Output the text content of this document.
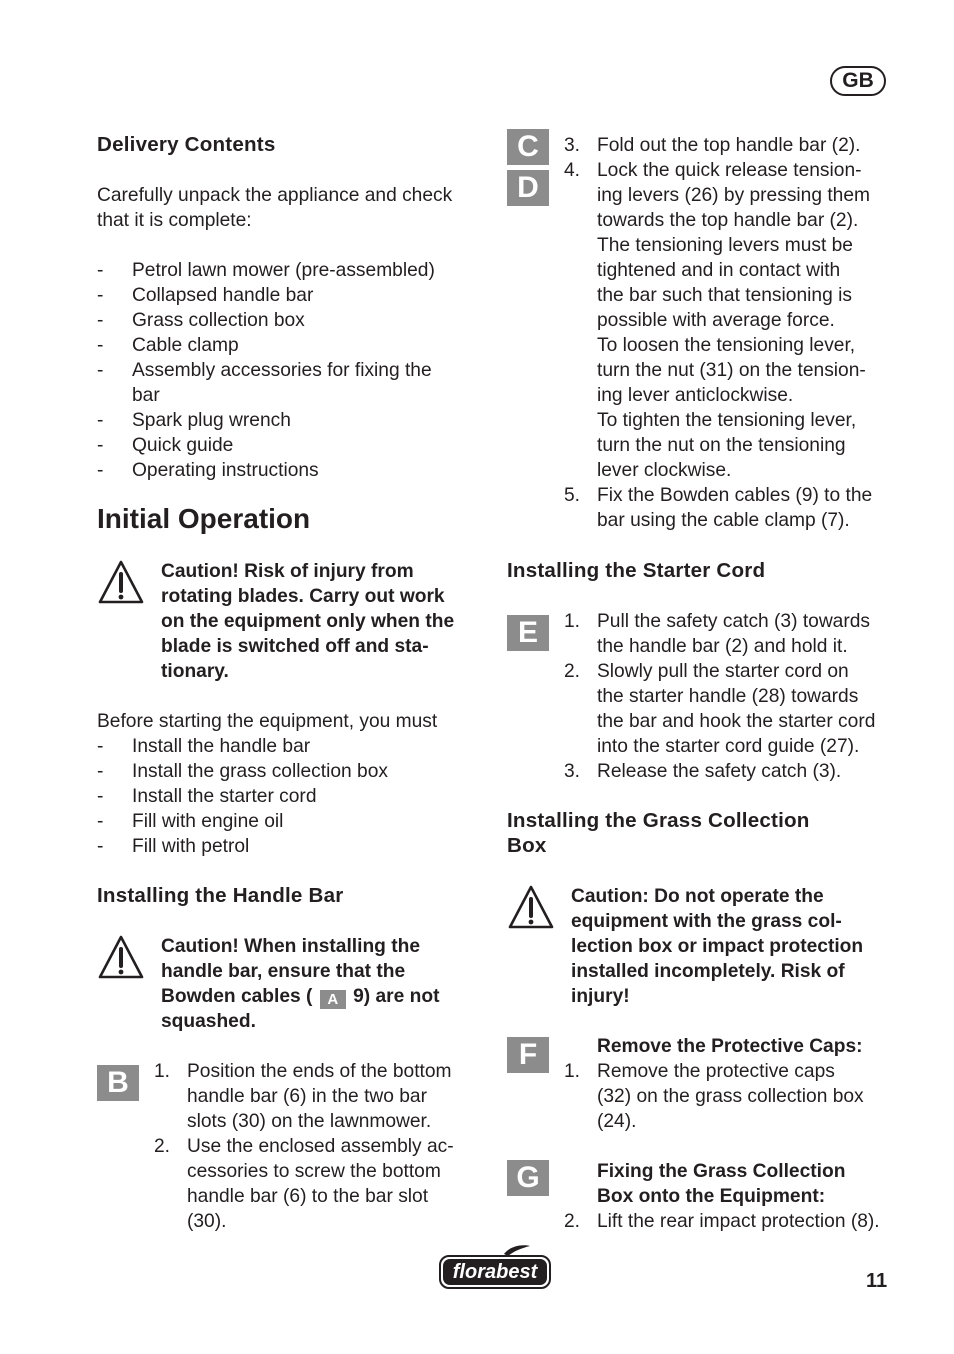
GB
Delivery Contents
Carefully unpack the appliance and check
that it is complete:
- Petrol lawn mower (pre-assembled)
- Collapsed handle bar
- Grass collection box
- Cable clamp
- Assembly accessories for fixing the
bar
- Spark plug wrench
- Quick guide
- Operating instructions
Initial Operation
Caution! Risk of injury from
rotating blades. Carry out work
on the equipment only when the
blade is switched off and sta-
tionary.
Before starting the equipment, you must
- Install the handle bar
- Install the grass collection box
- Install the starter cord
- Fill with engine oil
- Fill with petrol
Installing the Handle Bar
Caution! When installing the
handle bar, ensure that the
Bowden cables ( A 9) are not
squashed.
B	1. Position the ends of the bottom
handle bar (6) in the two bar
slots (30) on the lawnmower.
2. Use the enclosed assembly ac-
cessories to screw the bottom
handle bar (6) to the bar slot
(30).
C
D
3. Fold out the top handle bar (2).
4. Lock the quick release tension-
ing levers (26) by pressing them
towards the top handle bar (2).
The tensioning levers must be
tightened and in contact with
the bar such that tensioning is
possible with average force.
To loosen the tensioning lever,
turn the nut (31) on the tension-
ing lever anticlockwise.
To tighten the tensioning lever,
turn the nut on the tensioning
lever clockwise.
5. Fix the Bowden cables (9) to the
bar using the cable clamp (7).
Installing the Starter Cord
E	1. Pull the safety catch (3) towards
the handle bar (2) and hold it.
2. Slowly pull the starter cord on
the starter handle (28) towards
the bar and hook the starter cord
into the starter cord guide (27).
3. Release the safety catch (3).
Installing the Grass Collection
Box
Caution: Do not operate the
equipment with the grass col-
lection box or impact protection
installed incompletely. Risk of
injury!
F	Remove the Protective Caps:
1. Remove the protective caps
(32) on the grass collection box
(24).
G	Fixing the Grass Collection
Box onto the Equipment:
2. Lift the rear impact protection (8).
florabest	11
